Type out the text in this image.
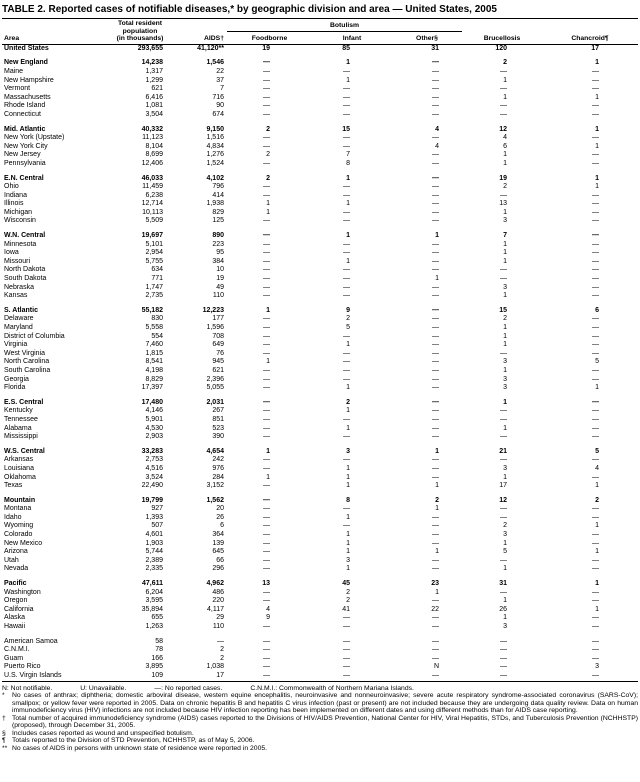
TABLE 2. Reported cases of notifiable diseases,* by geographic division and area — United States, 2005
Area	Total resident
population
(in thousands)	AIDS†	Botulism			Brucellosis	Chancroid¶
			Foodborne	Infant	Other§		
United States	293,655	41,120**	19	85	31	120	17

New England	14,238	1,546	—	1	—	2	1
Maine	1,317	22	—	—	—	—	—
New Hampshire	1,299	37	—	1	—	1	—
Vermont	621	7	—	—	—	—	—
Massachusetts	6,416	716	—	—	—	1	1
Rhode Island	1,081	90	—	—	—	—	—
Connecticut	3,504	674	—	—	—	—	—

Mid. Atlantic	40,332	9,150	2	15	4	12	1
New York (Upstate)	11,123	1,516	—	—	—	4	—
New York City	8,104	4,834	—	—	4	6	1
New Jersey	8,699	1,276	2	7	—	1	—
Pennsylvania	12,406	1,524	—	8	—	1	—

E.N. Central	46,033	4,102	2	1	—	19	1
Ohio	11,459	796	—	—	—	2	1
Indiana	6,238	414	—	—	—	—	—
Illinois	12,714	1,938	1	1	—	13	—
Michigan	10,113	829	1	—	—	1	—
Wisconsin	5,509	125	—	—	—	3	—

W.N. Central	19,697	890	—	1	1	7	—
Minnesota	5,101	223	—	—	—	1	—
Iowa	2,954	95	—	—	—	1	—
Missouri	5,755	384	—	1	—	1	—
North Dakota	634	10	—	—	—	—	—
South Dakota	771	19	—	—	1	—	—
Nebraska	1,747	49	—	—	—	3	—
Kansas	2,735	110	—	—	—	1	—

S. Atlantic	55,182	12,223	1	9	—	15	6
Delaware	830	177	—	2	—	2	—
Maryland	5,558	1,596	—	5	—	1	—
District of Columbia	554	708	—	—	—	1	—
Virginia	7,460	649	—	1	—	1	—
West Virginia	1,815	76	—	—	—	—	—
North Carolina	8,541	945	1	—	—	3	5
South Carolina	4,198	621	—	—	—	1	—
Georgia	8,829	2,396	—	—	—	3	—
Florida	17,397	5,055	—	1	—	3	1

E.S. Central	17,480	2,031	—	2	—	1	—
Kentucky	4,146	267	—	1	—	—	—
Tennessee	5,901	851	—	—	—	—	—
Alabama	4,530	523	—	1	—	1	—
Mississippi	2,903	390	—	—	—	—	—

W.S. Central	33,283	4,654	1	3	1	21	5
Arkansas	2,753	242	—	—	—	—	—
Louisiana	4,516	976	—	1	—	3	4
Oklahoma	3,524	284	1	1	—	1	—
Texas	22,490	3,152	—	1	1	17	1

Mountain	19,799	1,562	—	8	2	12	2
Montana	927	20	—	—	1	—	—
Idaho	1,393	26	—	1	—	—	—
Wyoming	507	6	—	—	—	2	1
Colorado	4,601	364	—	1	—	3	—
New Mexico	1,903	139	—	1	—	1	—
Arizona	5,744	645	—	1	1	5	1
Utah	2,389	66	—	3	—	—	—
Nevada	2,335	296	—	1	—	1	—

Pacific	47,611	4,962	13	45	23	31	1
Washington	6,204	486	—	2	1	—	—
Oregon	3,595	220	—	2	—	1	—
California	35,894	4,117	4	41	22	26	1
Alaska	655	29	9	—	—	1	—
Hawaii	1,263	110	—	—	—	3	—

American Samoa	58	—	—	—	—	—	—
C.N.M.I.	78	2	—	—	—	—	—
Guam	166	2	—	—	—	—	—
Puerto Rico	3,895	1,038	—	—	N	—	3
U.S. Virgin Islands	109	17	—	—	—	—	—
N: Not notifiable.	U: Unavailable.	—: No reported cases.	C.N.M.I.: Commonwealth of Northern Mariana Islands.
* No cases of anthrax; diphtheria; domestic arboviral disease, western equine encephalitis, neuroinvasive and nonneuroinvasive; severe acute respiratory syndrome-associated coronavirus (SARS-CoV); smallpox; or yellow fever were reported in 2005. Data on chronic hepatitis B and hepatitis C virus infection (past or present) are not included because they are undergoing data quality review. Data on human immunodeficiency virus (HIV) infections are not included because HIV infection reporting has been implemented on different dates and using different methods than for AIDS case reporting.
† Total number of acquired immunodeficiency syndrome (AIDS) cases reported to the Divisions of HIV/AIDS Prevention, National Center for HIV, Viral Hepatitis, STDs, and Tuberculosis Prevention (NCHHSTP) (proposed), through December 31, 2005.
§ Includes cases reported as wound and unspecified botulism.
¶ Totals reported to the Division of STD Prevention, NCHHSTP, as of May 5, 2006.
** No cases of AIDS in persons with unknown state of residence were reported in 2005.
